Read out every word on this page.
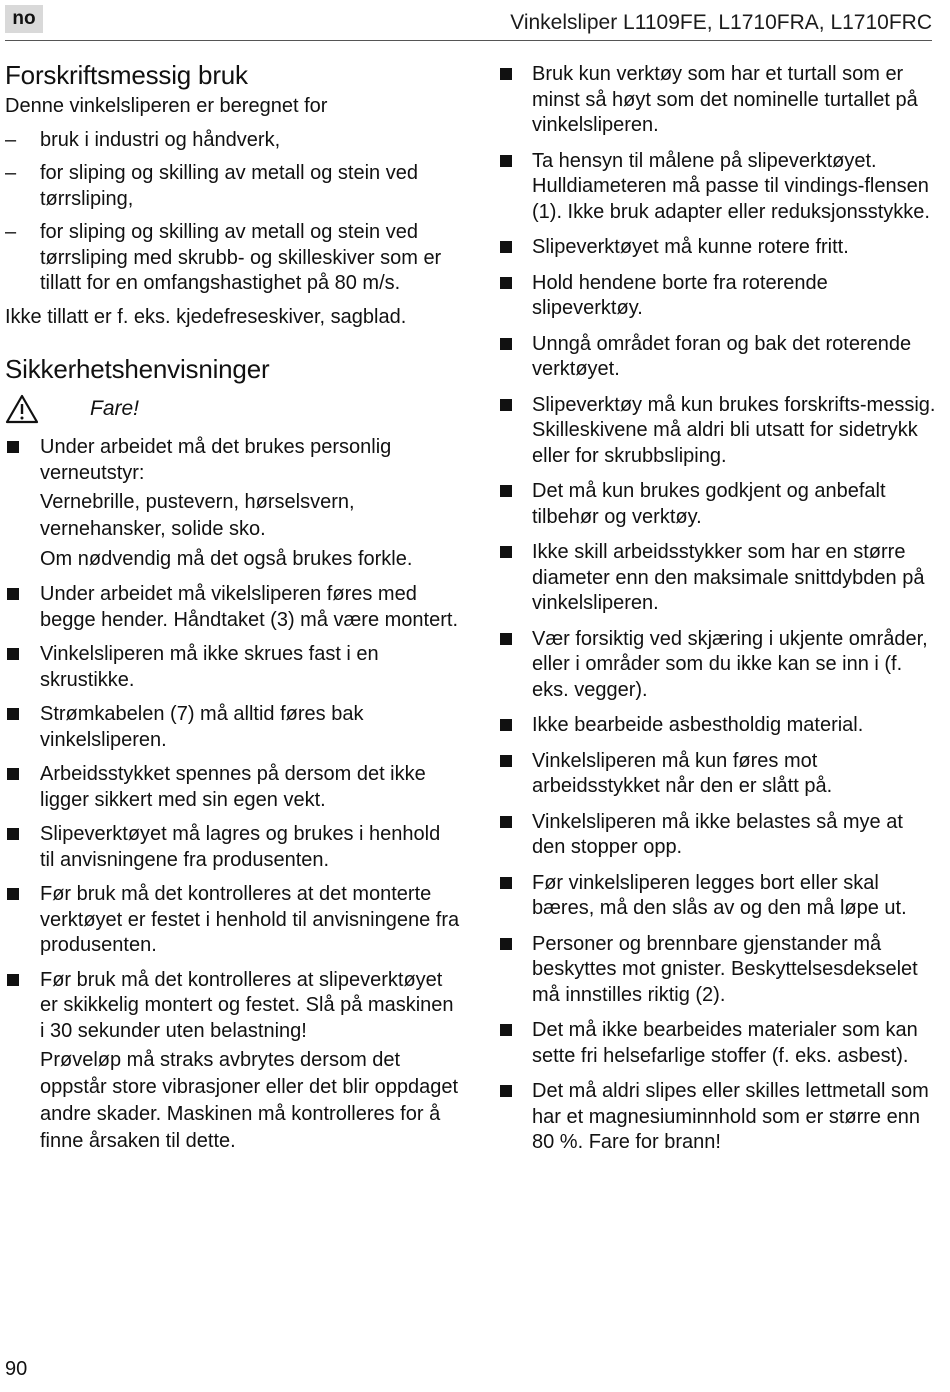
no	Vinkelsliper L1109FE, L1710FRA, L1710FRC
Forskriftsmessig bruk

Denne vinkelsliperen er beregnet for

– bruk i industri og håndverk,
– for sliping og skilling av metall og stein ved tørrsliping,
– for sliping og skilling av metall og stein ved tørrsliping med skrubb- og skilleskiver som er tillatt for en omfangshastighet på 80 m/s.

Ikke tillatt er f. eks. kjedefreseskiver, sagblad.

Sikkerhetshenvisninger
Fare!

Under arbeidet må det brukes personlig verneutstyr:

Vernebrille, pustevern, hørselsvern, vernehansker, solide sko.

Om nødvendig må det også brukes forkle.

Under arbeidet må vikelsliperen føres med begge hender. Håndtaket (3) må være montert.

Vinkelsliperen må ikke skrues fast i en skrustikke.

Strømkabelen (7) må alltid føres bak vinkelsliperen.

Arbeidsstykket spennes på dersom det ikke ligger sikkert med sin egen vekt.

Slipeverktøyet må lagres og brukes i henhold til anvisningene fra produsenten.

Før bruk må det kontrolleres at det monterte verktøyet er festet i henhold til anvisningene fra produsenten.

Før bruk må det kontrolleres at slipeverktøyet er skikkelig montert og festet. Slå på maskinen i 30 sekunder uten belastning!

Prøveløp må straks avbrytes dersom det oppstår store vibrasjoner eller det blir oppdaget andre skader. Maskinen må kontrolleres for å finne årsaken til dette.

Bruk kun verktøy som har et turtall som er minst så høyt som det nominelle turtallet på vinkelsliperen.

Ta hensyn til målene på slipeverktøyet. Hulldiameteren må passe til vindings-flensen (1). Ikke bruk adapter eller reduksjonsstykke.

Slipeverktøyet må kunne rotere fritt.

Hold hendene borte fra roterende slipeverktøy.

Unngå området foran og bak det roterende verktøyet.

Slipeverktøy må kun brukes forskrifts-messig. Skilleskivene må aldri bli utsatt for sidetrykk eller for skrubbsliping.

Det må kun brukes godkjent og anbefalt tilbehør og verktøy.

Ikke skill arbeidsstykker som har en større diameter enn den maksimale snittdybden på vinkelsliperen.

Vær forsiktig ved skjæring i ukjente områder, eller i områder som du ikke kan se inn i (f. eks. vegger).

Ikke bearbeide asbestholdig material.

Vinkelsliperen må kun føres mot arbeidsstykket når den er slått på.

Vinkelsliperen må ikke belastes så mye at den stopper opp.

Før vinkelsliperen legges bort eller skal bæres, må den slås av og den må løpe ut.

Personer og brennbare gjenstander må beskyttes mot gnister. Beskyttelsesdekselet må innstilles riktig (2).

Det må ikke bearbeides materialer som kan sette fri helsefarlige stoffer (f. eks. asbest).

Det må aldri slipes eller skilles lettmetall som har et magnesiuminnhold som er større enn 80 %. Fare for brann!

90
